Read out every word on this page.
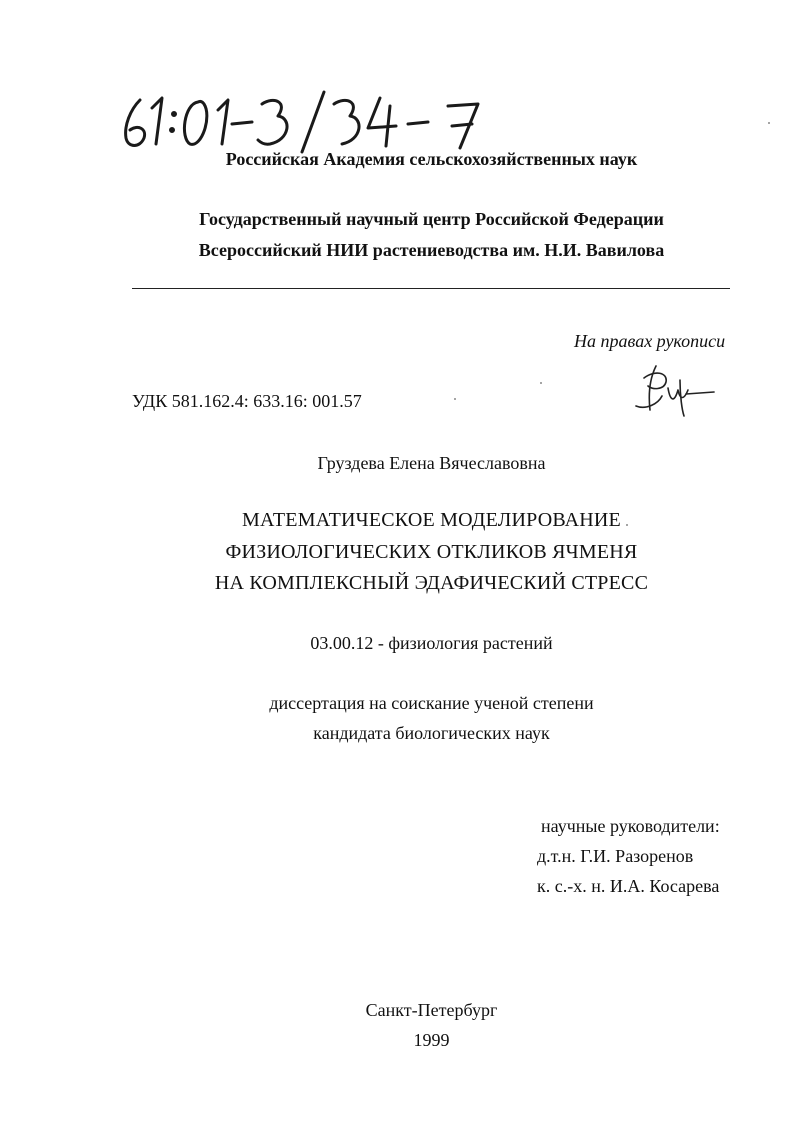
Российская Академия сельскохозяйственных наук
Государственный научный центр Российской Федерации
Всероссийский НИИ растениеводства им. Н.И. Вавилова
На правах рукописи
УДК 581.162.4: 633.16: 001.57
Груздева Елена Вячеславовна
МАТЕМАТИЧЕСКОЕ МОДЕЛИРОВАНИЕ
ФИЗИОЛОГИЧЕСКИХ ОТКЛИКОВ ЯЧМЕНЯ
НА КОМПЛЕКСНЫЙ ЭДАФИЧЕСКИЙ СТРЕСС
03.00.12 - физиология растений
диссертация на соискание ученой степени
кандидата биологических наук
научные руководители:
д.т.н. Г.И. Разоренов
к. с.-х. н. И.А. Косарева
Санкт-Петербург
1999
